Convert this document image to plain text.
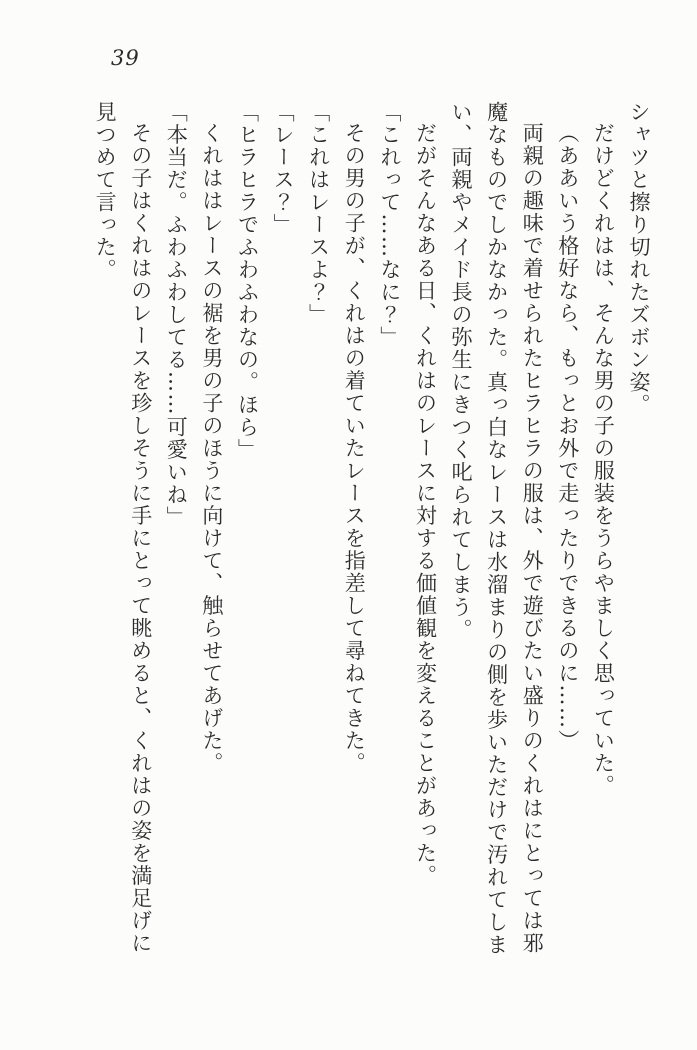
39

シャツと擦り切れたズボン姿。

だけどくれはは、そんな男の子の服装をうらやましく思っていた。

（ああいう格好なら、もっとお外で走ったりできるのに……）

両親の趣味で着せられたヒラヒラの服は、外で遊びたい盛りのくれはにとっては邪魔なものでしかなかった。真っ白なレースは水溜まりの側を歩いただけで汚れてしまい、両親やメイド長の弥生にきつく叱られてしまう。

だがそんなある日、くれはのレースに対する価値観を変えることがあった。

「これって……なに？」

その男の子が、くれはの着ていたレースを指差して尋ねてきた。

「これはレースよ？」

「レース？」

「ヒラヒラでふわふわなの。ほら」

くれははレースの裾を男の子のほうに向けて、触らせてあげた。

「本当だ。ふわふわしてる……可愛いね」

その子はくれはのレースを珍しそうに手にとって眺めると、くれはの姿を満足げに見つめて言った。
